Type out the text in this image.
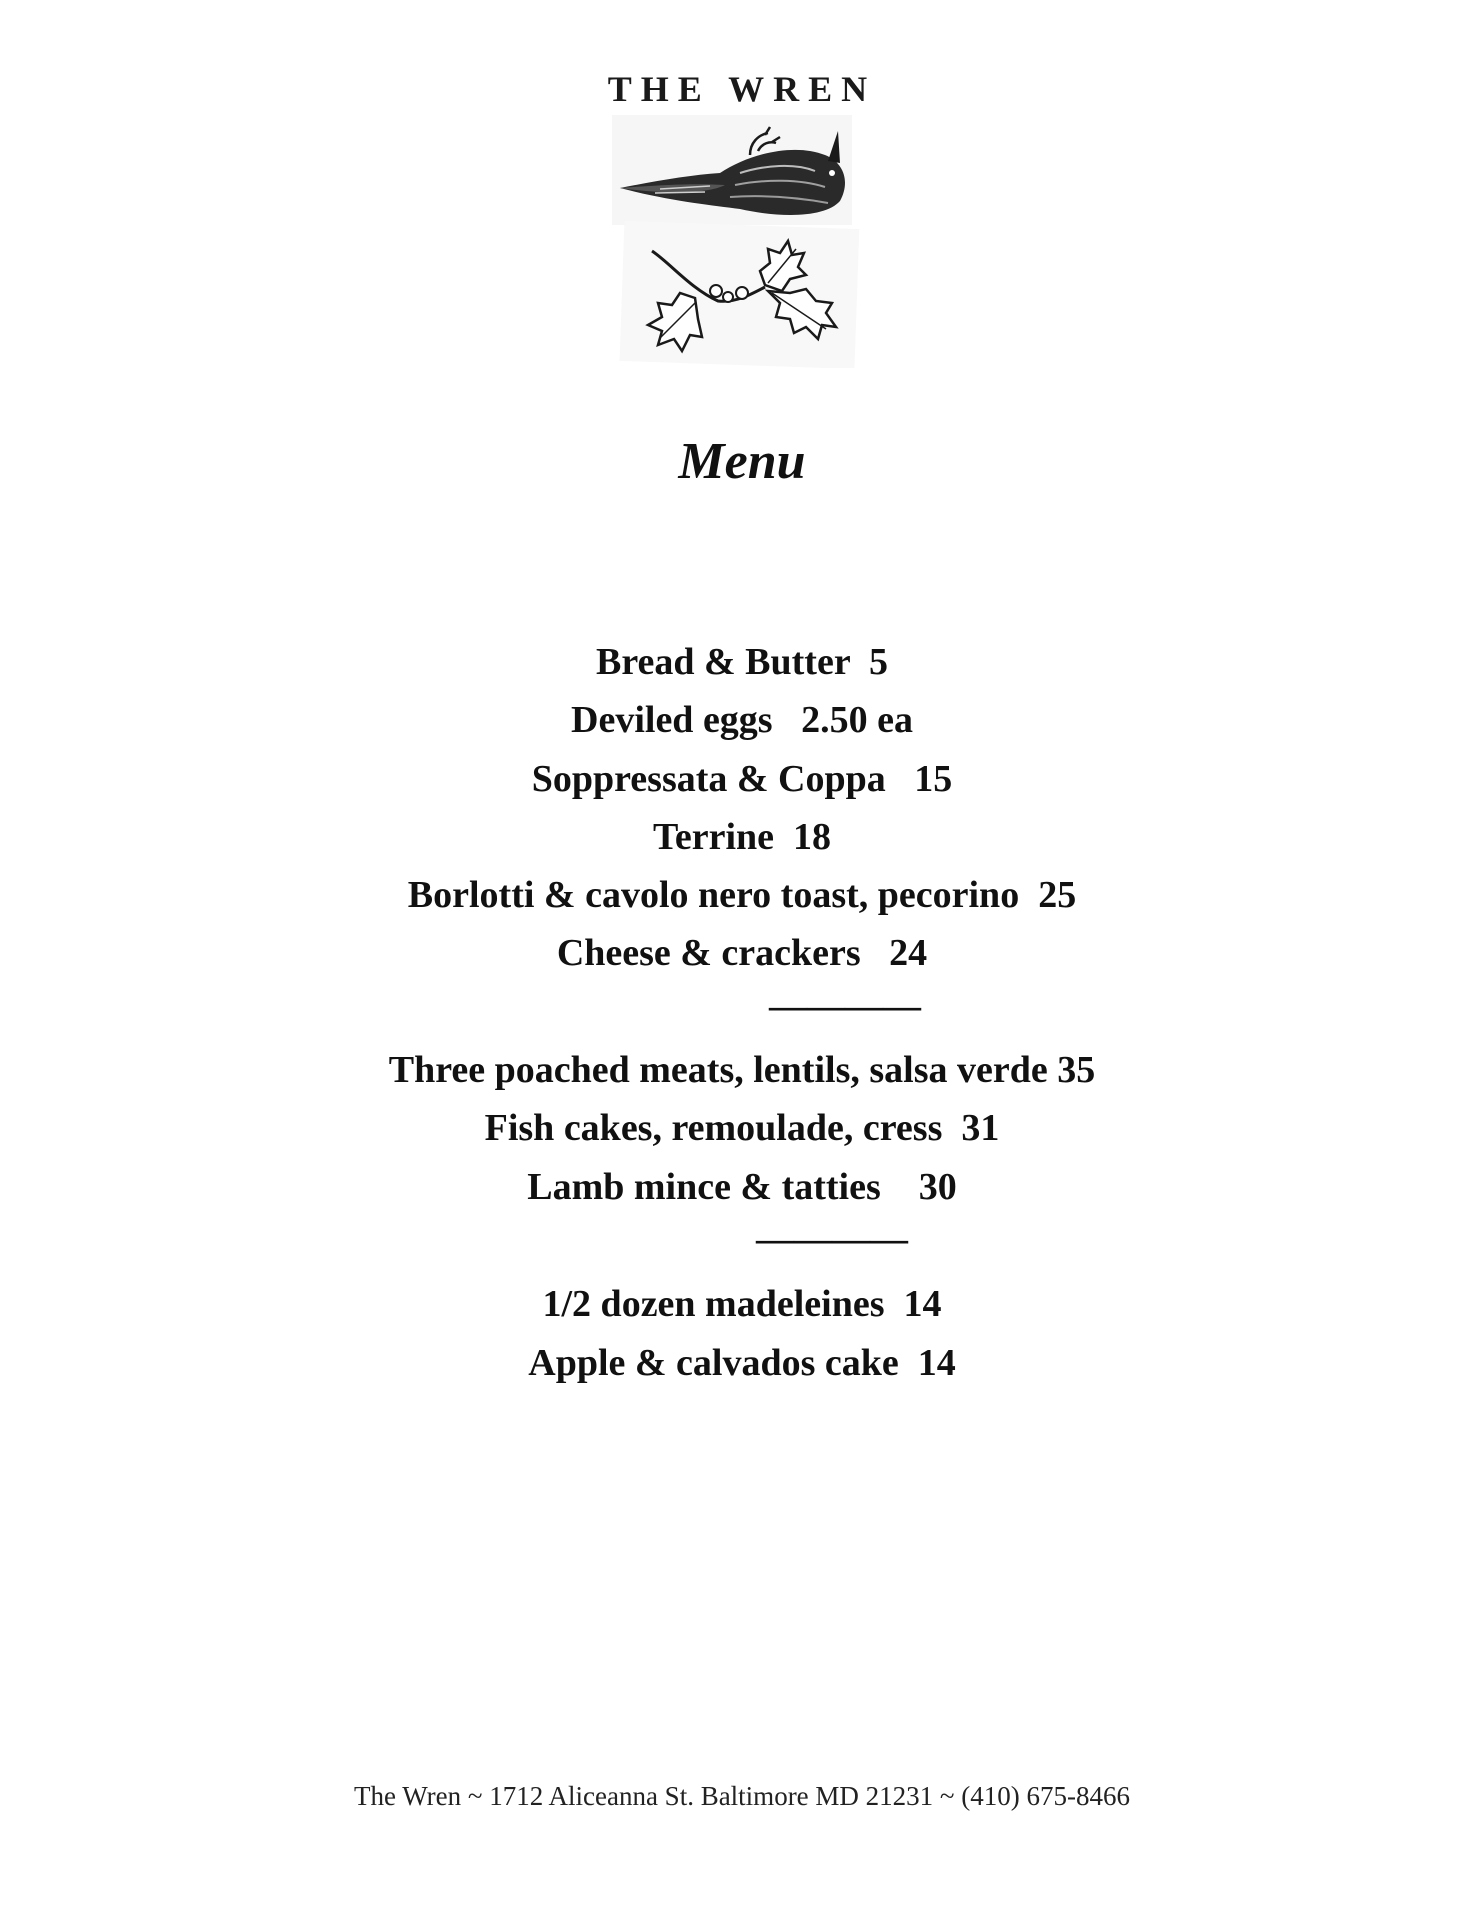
THE WREN
Menu

Bread & Butter  5

Deviled eggs   2.50 ea

Soppressata & Coppa   15

Terrine  18

Borlotti & cavolo nero toast, pecorino  25

Cheese & crackers   24

————

Three poached meats, lentils, salsa verde 35

Fish cakes, remoulade, cress  31

Lamb mince & tatties    30

————

1/2 dozen madeleines  14

Apple & calvados cake  14

The Wren ~ 1712 Aliceanna St. Baltimore MD 21231 ~ (410) 675-8466
